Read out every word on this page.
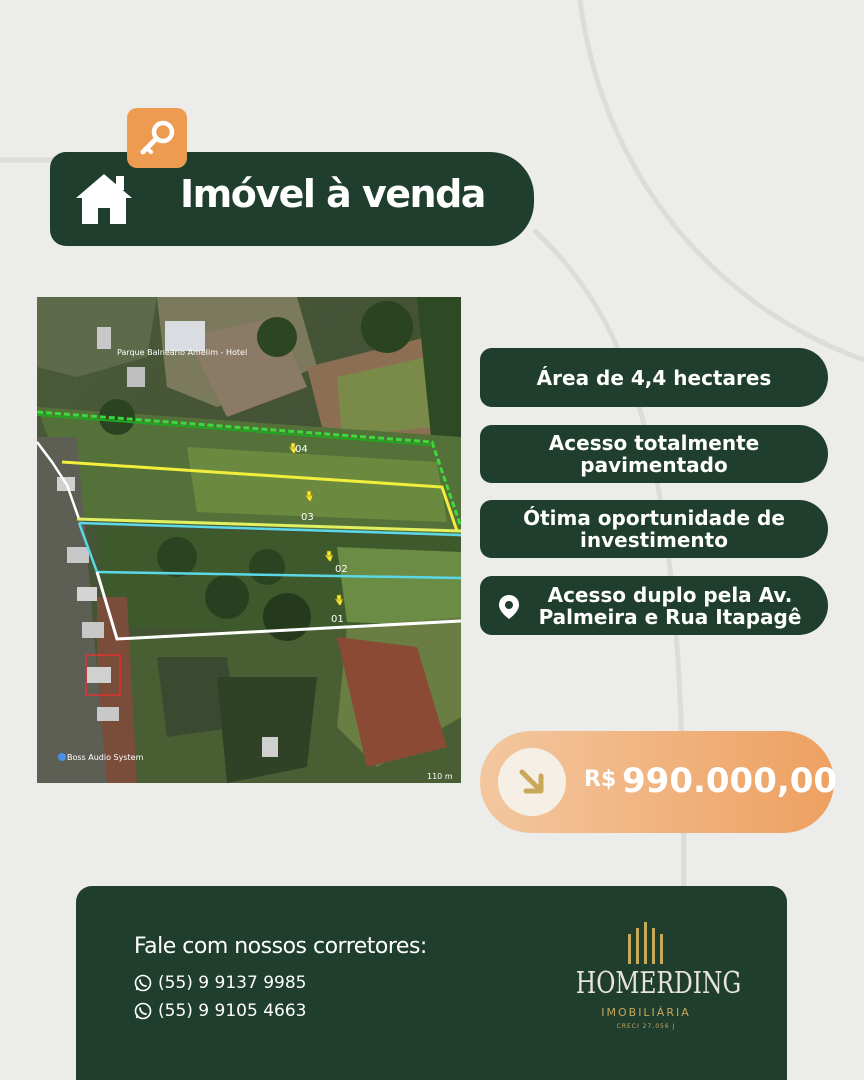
Imóvel à venda
Parque Balneário Amelim - Hotel
Boss Audio System
04
03
02
01
110 m
Área de 4,4 hectares
Acesso totalmente pavimentado
Ótima oportunidade de investimento
Acesso duplo pela Av. Palmeira e Rua Itapagê
R$ 990.000,00
Fale com nossos corretores:
(55) 9 9137 9985
(55) 9 9105 4663
HOMERDING
IMOBILIÁRIA
CRECI 27.056 J
